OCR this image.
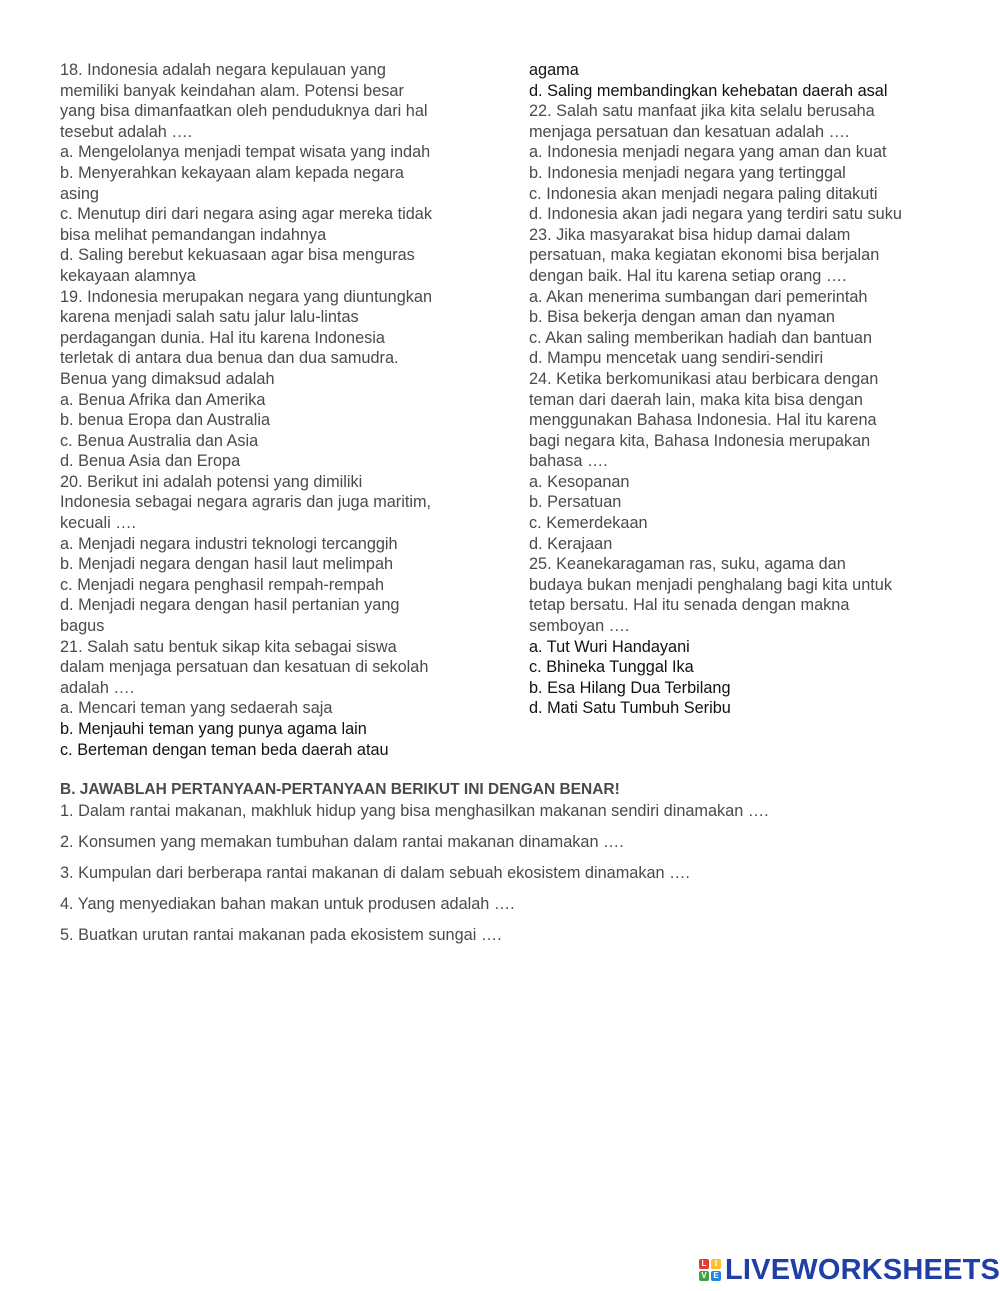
18. Indonesia adalah negara kepulauan yang
memiliki banyak keindahan alam. Potensi besar
yang bisa dimanfaatkan oleh penduduknya dari hal
tesebut adalah ….
a. Mengelolanya menjadi tempat wisata yang indah
b. Menyerahkan kekayaan alam kepada negara
asing
c. Menutup diri dari negara asing agar mereka tidak
bisa melihat pemandangan indahnya
d. Saling berebut kekuasaan agar bisa menguras
kekayaan alamnya
19. Indonesia merupakan negara yang diuntungkan
karena menjadi salah satu jalur lalu-lintas
perdagangan dunia. Hal itu karena Indonesia
terletak di antara dua benua dan dua samudra.
Benua yang dimaksud adalah
a. Benua Afrika dan Amerika
b. benua Eropa dan Australia
c. Benua Australia dan Asia
d. Benua Asia dan Eropa
20. Berikut ini adalah potensi yang dimiliki
Indonesia sebagai negara agraris dan juga maritim,
kecuali ….
a. Menjadi negara industri teknologi tercanggih
b. Menjadi negara dengan hasil laut melimpah
c. Menjadi negara penghasil rempah-rempah
d. Menjadi negara dengan hasil pertanian yang
bagus
21. Salah satu bentuk sikap kita sebagai siswa
dalam menjaga persatuan dan kesatuan di sekolah
adalah ….
a. Mencari teman yang sedaerah saja
b. Menjauhi teman yang punya agama lain
c. Berteman dengan teman beda daerah atau
agama
d. Saling membandingkan kehebatan daerah asal
22. Salah satu manfaat jika kita selalu berusaha
menjaga persatuan dan kesatuan adalah ….
a. Indonesia menjadi negara yang aman dan kuat
b. Indonesia menjadi negara yang tertinggal
c. Indonesia akan menjadi negara paling ditakuti
d. Indonesia akan jadi negara yang terdiri satu suku
23. Jika masyarakat bisa hidup damai dalam
persatuan, maka kegiatan ekonomi bisa berjalan
dengan baik. Hal itu karena setiap orang ….
a. Akan menerima sumbangan dari pemerintah
b. Bisa bekerja dengan aman dan nyaman
c. Akan saling memberikan hadiah dan bantuan
d. Mampu mencetak uang sendiri-sendiri
24. Ketika berkomunikasi atau berbicara dengan
teman dari daerah lain, maka kita bisa dengan
menggunakan Bahasa Indonesia. Hal itu karena
bagi negara kita, Bahasa Indonesia merupakan
bahasa ….
a. Kesopanan
b. Persatuan
c. Kemerdekaan
d. Kerajaan
25. Keanekaragaman ras, suku, agama dan
budaya bukan menjadi penghalang bagi kita untuk
tetap bersatu. Hal itu senada dengan makna
semboyan ….
a. Tut Wuri Handayani
c. Bhineka Tunggal Ika
b. Esa Hilang Dua Terbilang
d. Mati Satu Tumbuh Seribu
B. JAWABLAH PERTANYAAN-PERTANYAAN BERIKUT INI DENGAN BENAR!
1. Dalam rantai makanan, makhluk hidup yang bisa menghasilkan makanan sendiri dinamakan ….
2. Konsumen yang memakan tumbuhan dalam rantai makanan dinamakan ….
3. Kumpulan dari berberapa rantai makanan di dalam sebuah ekosistem dinamakan ….
4. Yang menyediakan bahan makan untuk produsen adalah ….
5. Buatkan urutan rantai makanan pada ekosistem sungai ….
L	I
V E LIVEWORKSHEETS
